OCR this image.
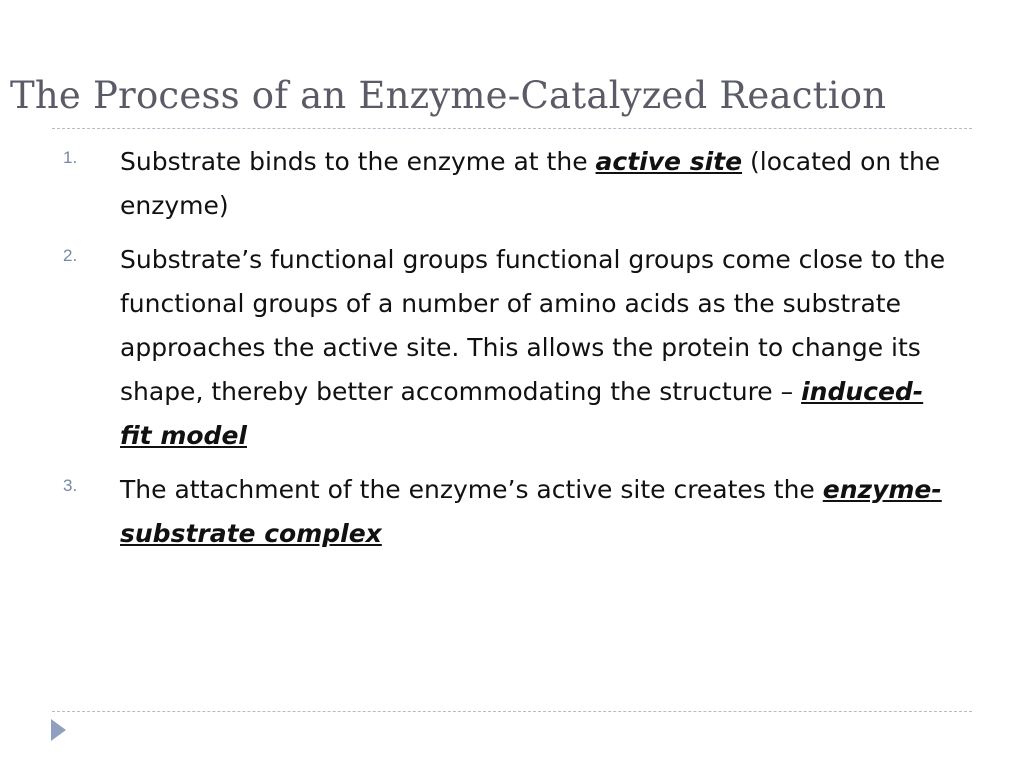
The Process of an Enzyme-Catalyzed Reaction
1. Substrate binds to the enzyme at the active site (located on the enzyme)
2. Substrate’s functional groups functional groups come close to the functional groups of a number of amino acids as the substrate approaches the active site. This allows the protein to change its shape, thereby better accommodating the structure – induced-fit model
3. The attachment of the enzyme’s active site creates the enzyme-substrate complex
